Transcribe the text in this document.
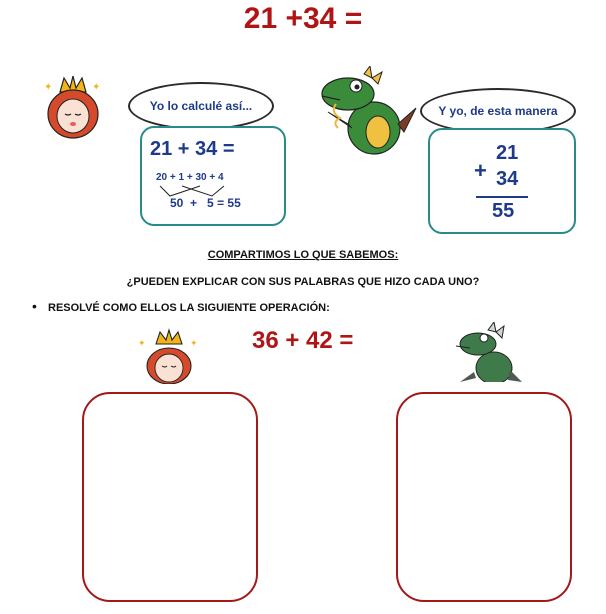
21 +34 =
✦	✦
Yo lo calculé así...
21 + 34 =
20 + 1 + 30 + 4
50  +   5 = 55
Y yo, de esta manera
21
+ 34
55
COMPARTIMOS LO QUE SABEMOS:
¿PUEDEN EXPLICAR CON SUS PALABRAS QUE HIZO CADA UNO?
• RESOLVÉ COMO ELLOS LA SIGUIENTE OPERACIÓN:
✦	✦ 36 + 42 =
